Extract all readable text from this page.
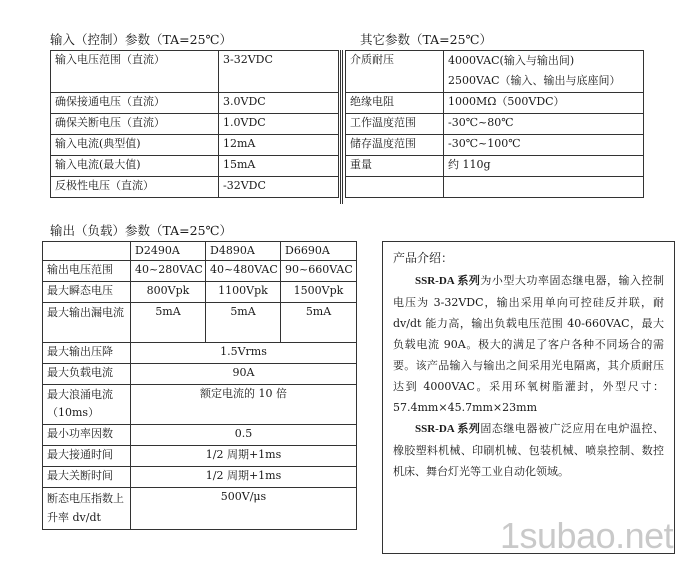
输入（控制）参数（TA=25℃）
输入电压范围（直流）	3-32VDC
确保接通电压（直流）	3.0VDC
确保关断电压（直流）	1.0VDC
输入电流(典型值)	12mA
输入电流(最大值)	15mA
反极性电压（直流）	-32VDC
其它参数（TA=25℃）
介质耐压	4000VAC(输入与输出间)
2500VAC（输入、输出与底座间）

绝缘电阻	1000MΩ（500VDC）
工作温度范围	-30℃~80℃
储存温度范围	-30℃~100℃
重量	约 110g

输出（负载）参数（TA=25℃）
	D2490A	D4890A	D6690A
输出电压范围	40~280VAC	40~480VAC	90~660VAC
最大瞬态电压	800Vpk	1100Vpk	1500Vpk
最大输出漏电流	5mA	5mA	5mA
最大输出压降	1.5Vrms		
最大负载电流	90A		
最大浪涌电流（10ms）	额定电流的 10 倍		
最小功率因数	0.5		
最大接通时间	1/2 周期+1ms		
最大关断时间	1/2 周期+1ms		
断态电压指数上升率 dv/dt	500V/μs		
产品介绍：
SSR-DA 系列为小型大功率固态继电器，输入控制电压为 3-32VDC，输出采用单向可控硅反并联，耐 dv/dt 能力高，输出负载电压范围 40-660VAC，最大负载电流 90A。极大的满足了客户各种不同场合的需要。该产品输入与输出之间采用光电隔离，其介质耐压达到 4000VAC。采用环氧树脂灌封，外型尺寸：57.4mm×45.7mm×23mm
SSR-DA 系列固态继电器被广泛应用在电炉温控、橡胶塑料机械、印刷机械、包装机械、喷泉控制、数控机床、舞台灯光等工业自动化领域。
1subao.net
